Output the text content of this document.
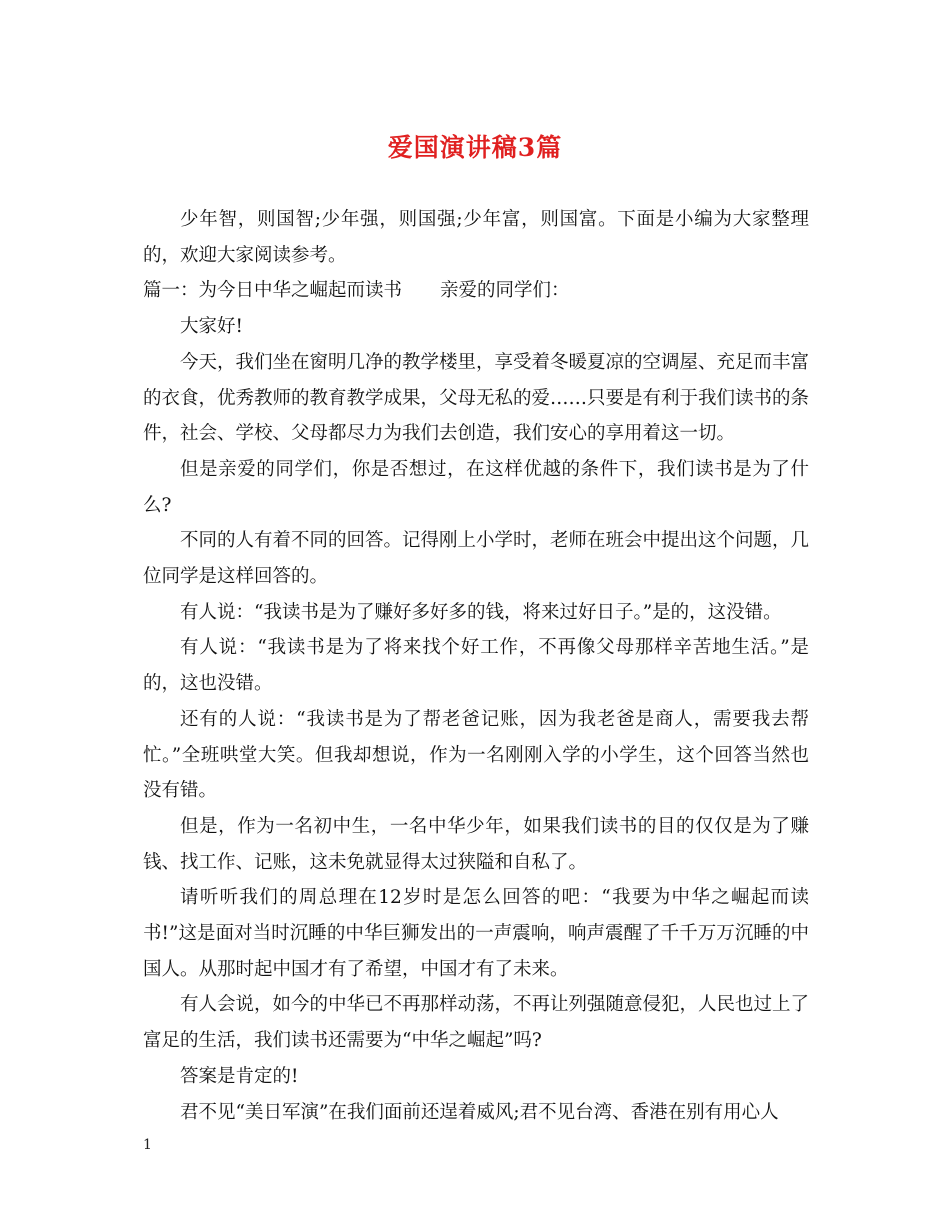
爱国演讲稿3篇

少年智，则国智;少年强，则国强;少年富，则国富。下面是小编为大家整理的，欢迎大家阅读参考。

篇一：为今日中华之崛起而读书 亲爱的同学们：

大家好!

今天，我们坐在窗明几净的教学楼里，享受着冬暖夏凉的空调屋、充足而丰富的衣食，优秀教师的教育教学成果，父母无私的爱……只要是有利于我们读书的条件，社会、学校、父母都尽力为我们去创造，我们安心的享用着这一切。

但是亲爱的同学们，你是否想过，在这样优越的条件下，我们读书是为了什么?

不同的人有着不同的回答。记得刚上小学时，老师在班会中提出这个问题，几位同学是这样回答的。

有人说：“我读书是为了赚好多好多的钱，将来过好日子。”是的，这没错。

有人说：“我读书是为了将来找个好工作，不再像父母那样辛苦地生活。”是的，这也没错。

还有的人说：“我读书是为了帮老爸记账，因为我老爸是商人，需要我去帮忙。”全班哄堂大笑。但我却想说，作为一名刚刚入学的小学生，这个回答当然也没有错。

但是，作为一名初中生，一名中华少年，如果我们读书的目的仅仅是为了赚钱、找工作、记账，这未免就显得太过狭隘和自私了。

请听听我们的周总理在12岁时是怎么回答的吧：“我要为中华之崛起而读书!”这是面对当时沉睡的中华巨狮发出的一声震响，响声震醒了千千万万沉睡的中国人。从那时起中国才有了希望，中国才有了未来。

有人会说，如今的中华已不再那样动荡，不再让列强随意侵犯，人民也过上了富足的生活，我们读书还需要为“中华之崛起”吗?

答案是肯定的!

君不见“美日军演”在我们面前还逞着威风;君不见台湾、香港在别有用心人

1
